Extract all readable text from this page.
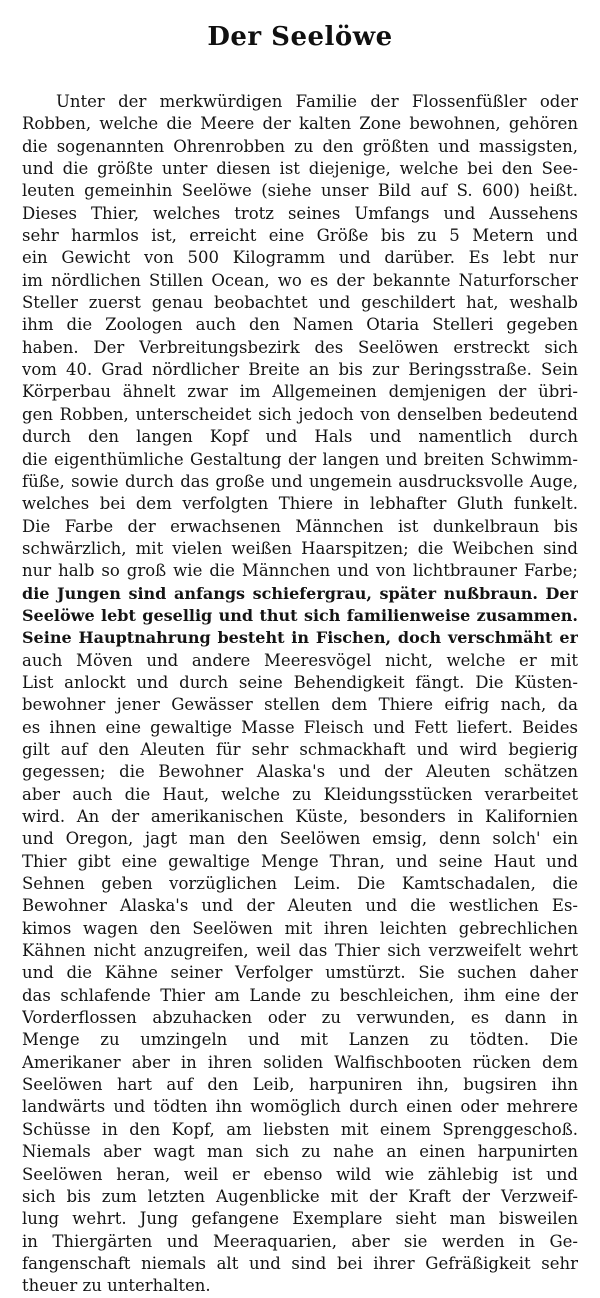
Der Seelöwe
Unter der merkwürdigen Familie der Flossenfüßler oder
Robben, welche die Meere der kalten Zone bewohnen, gehören
die sogenannten Ohrenrobben zu den größten und massigsten,
und die größte unter diesen ist diejenige, welche bei den See-
leuten gemeinhin Seelöwe (siehe unser Bild auf S. 600) heißt.
Dieses Thier, welches trotz seines Umfangs und Aussehens
sehr harmlos ist, erreicht eine Größe bis zu 5 Metern und
ein Gewicht von 500 Kilogramm und darüber. Es lebt nur
im nördlichen Stillen Ocean, wo es der bekannte Naturforscher
Steller zuerst genau beobachtet und geschildert hat, weshalb
ihm die Zoologen auch den Namen Otaria Stelleri gegeben
haben. Der Verbreitungsbezirk des Seelöwen erstreckt sich
vom 40. Grad nördlicher Breite an bis zur Beringsstraße. Sein
Körperbau ähnelt zwar im Allgemeinen demjenigen der übri-
gen Robben, unterscheidet sich jedoch von denselben bedeutend
durch den langen Kopf und Hals und namentlich durch
die eigenthümliche Gestaltung der langen und breiten Schwimm-
füße, sowie durch das große und ungemein ausdrucksvolle Auge,
welches bei dem verfolgten Thiere in lebhafter Gluth funkelt.
Die Farbe der erwachsenen Männchen ist dunkelbraun bis
schwärzlich, mit vielen weißen Haarspitzen; die Weibchen sind
nur halb so groß wie die Männchen und von lichtbrauner Farbe;
die Jungen sind anfangs schiefergrau, später nußbraun. Der
Seelöwe lebt gesellig und thut sich familienweise zusammen.
Seine Hauptnahrung besteht in Fischen, doch verschmäht er
auch Möven und andere Meeresvögel nicht, welche er mit
List anlockt und durch seine Behendigkeit fängt. Die Küsten-
bewohner jener Gewässer stellen dem Thiere eifrig nach, da
es ihnen eine gewaltige Masse Fleisch und Fett liefert. Beides
gilt auf den Aleuten für sehr schmackhaft und wird begierig
gegessen; die Bewohner Alaska's und der Aleuten schätzen
aber auch die Haut, welche zu Kleidungsstücken verarbeitet
wird. An der amerikanischen Küste, besonders in Kalifornien
und Oregon, jagt man den Seelöwen emsig, denn solch' ein
Thier gibt eine gewaltige Menge Thran, und seine Haut und
Sehnen geben vorzüglichen Leim. Die Kamtschadalen, die
Bewohner Alaska's und der Aleuten und die westlichen Es-
kimos wagen den Seelöwen mit ihren leichten gebrechlichen
Kähnen nicht anzugreifen, weil das Thier sich verzweifelt wehrt
und die Kähne seiner Verfolger umstürzt. Sie suchen daher
das schlafende Thier am Lande zu beschleichen, ihm eine der
Vorderflossen abzuhacken oder zu verwunden, es dann in
Menge zu umzingeln und mit Lanzen zu tödten. Die
Amerikaner aber in ihren soliden Walfischbooten rücken dem
Seelöwen hart auf den Leib, harpuniren ihn, bugsiren ihn
landwärts und tödten ihn womöglich durch einen oder mehrere
Schüsse in den Kopf, am liebsten mit einem Sprenggeschoß.
Niemals aber wagt man sich zu nahe an einen harpunirten
Seelöwen heran, weil er ebenso wild wie zählebig ist und
sich bis zum letzten Augenblicke mit der Kraft der Verzweif-
lung wehrt. Jung gefangene Exemplare sieht man bisweilen
in Thiergärten und Meeraquarien, aber sie werden in Ge-
fangenschaft niemals alt und sind bei ihrer Gefräßigkeit sehr
theuer zu unterhalten.
